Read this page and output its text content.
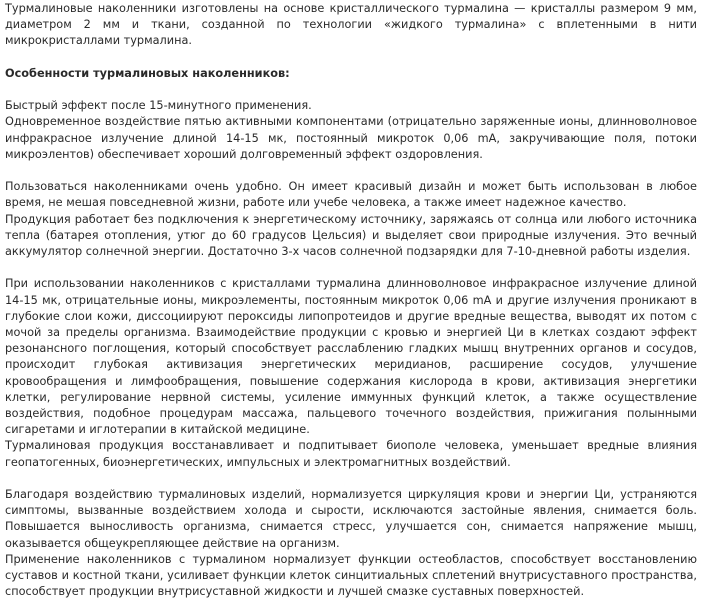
Турмалиновые наколенники изготовлены на основе кристаллического турмалина — кристаллы размером 9 мм, диаметром 2 мм и ткани, созданной по технологии «жидкого турмалина» с вплетенными в нити микрокристаллами турмалина.

Особенности турмалиновых наколенников:

Быстрый эффект после 15-минутного применения.

Одновременное воздействие пятью активными компонентами (отрицательно заряженные ионы, длинноволновое инфракрасное излучение длиной 14-15 мк, постоянный микроток 0,06 mA, закручивающие поля, потоки микроэлентов) обеспечивает хороший долговременный эффект оздоровления.

Пользоваться наколенниками очень удобно. Он имеет красивый дизайн и может быть использован в любое время, не мешая повседневной жизни, работе или учебе человека, а также имеет надежное качество.

Продукция работает без подключения к энергетическому источнику, заряжаясь от солнца или любого источника тепла (батарея отопления, утюг до 60 градусов Цельсия) и выделяет свои природные излучения. Это вечный аккумулятор солнечной энергии. Достаточно 3-х часов солнечной подзарядки для 7-10-дневной работы изделия.

При использовании наколенников с кристаллами турмалина длинноволновое инфракрасное излучение длиной 14-15 мк, отрицательные ионы, микроэлементы, постоянным микроток 0,06 mA и другие излучения проникают в глубокие слои кожи, диссоциируют пероксиды липопротеидов и другие вредные вещества, выводят их потом с мочой за пределы организма. Взаимодействие продукции с кровью и энергией Ци в клетках создают эффект резонансного поглощения, который способствует расслаблению гладких мышц внутренних органов и сосудов, происходит глубокая активизация энергетических меридианов, расширение сосудов, улучшение кровообращения и лимфообращения, повышение содержания кислорода в крови, активизация энергетики клетки, регулирование нервной системы, усиление иммунных функций клеток, а также осуществление воздействия, подобное процедурам массажа, пальцевого точечного воздействия, прижигания полынными сигаретами и иглотерапии в китайской медицине.

Турмалиновая продукция восстанавливает и подпитывает биополе человека, уменьшает вредные влияния геопатогенных, биоэнергетических, импульсных и электромагнитных воздействий.

Благодаря воздействию турмалиновых изделий, нормализуется циркуляция крови и энергии Ци, устраняются симптомы, вызванные воздействием холода и сырости, исключаются застойные явления, снимается боль. Повышается выносливость организма, снимается стресс, улучшается сон, снимается напряжение мышц, оказывается общеукрепляющее действие на организм.

Применение наколенников с турмалином нормализует функции остеобластов, способствует восстановлению суставов и костной ткани, усиливает функции клеток синцитиальных сплетений внутрисуставного пространства, способствует продукции внутрисуставной жидкости и лучшей смазке суставных поверхностей.
